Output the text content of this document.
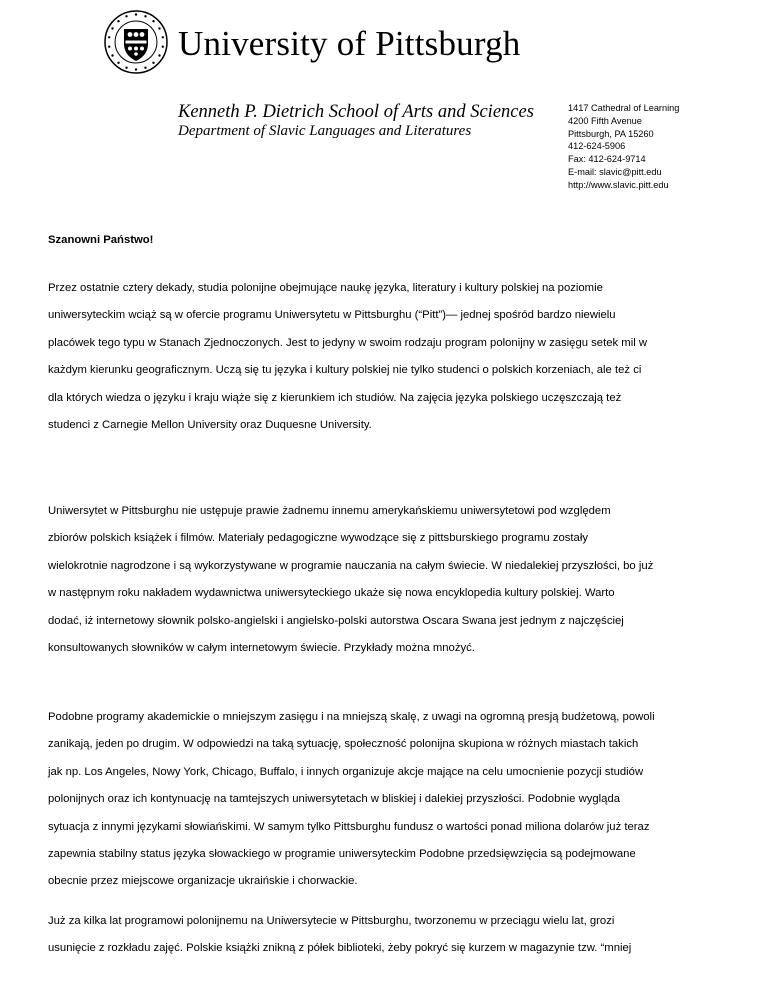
University of Pittsburgh
Kenneth P. Dietrich School of Arts and Sciences
Department of Slavic Languages and Literatures
1417 Cathedral of Learning
4200 Fifth Avenue
Pittsburgh, PA 15260
412-624-5906
Fax: 412-624-9714
E-mail: slavic@pitt.edu
http://www.slavic.pitt.edu
Szanowni Państwo!
Przez ostatnie cztery dekady, studia polonijne obejmujące naukę języka, literatury i kultury polskiej na poziomie
uniwersyteckim wciąż są w ofercie programu Uniwersytetu w Pittsburghu (“Pitt”)— jednej spośród bardzo niewielu
placówek tego typu w Stanach Zjednoczonych. Jest to jedyny w swoim rodzaju program polonijny w zasięgu setek mil w
każdym kierunku geograficznym. Uczą się tu języka i kultury polskiej nie tylko studenci o polskich korzeniach, ale też ci
dla których wiedza o języku i kraju wiąże się z kierunkiem ich studiów. Na zajęcia języka polskiego uczęszczają też
studenci z Carnegie Mellon University oraz Duquesne University.
Uniwersytet w Pittsburghu nie ustępuje prawie żadnemu innemu amerykańskiemu uniwersytetowi pod względem
zbiorów polskich książek i filmów. Materiały pedagogiczne wywodzące się z pittsburskiego programu zostały
wielokrotnie nagrodzone i są wykorzystywane w programie nauczania na całym świecie. W niedalekiej przyszłości, bo już
w następnym roku nakładem wydawnictwa uniwersyteckiego ukaże się nowa encyklopedia kultury polskiej. Warto
dodać, iż internetowy słownik polsko-angielski i angielsko-polski autorstwa Oscara Swana jest jednym z najczęściej
konsultowanych słowników w całym internetowym świecie. Przykłady można mnożyć.
Podobne programy akademickie o mniejszym zasięgu i na mniejszą skalę, z uwagi na ogromną presją budżetową, powoli
zanikają, jeden po drugim. W odpowiedzi na taką sytuację, społeczność polonijna skupiona w różnych miastach takich
jak np. Los Angeles, Nowy York, Chicago, Buffalo, i innych organizuje akcje mające na celu umocnienie pozycji studiów
polonijnych oraz ich kontynuację na tamtejszych uniwersytetach w bliskiej i dalekiej przyszłości. Podobnie wygląda
sytuacja z innymi językami słowiańskimi. W samym tylko Pittsburghu fundusz o wartości ponad miliona dolarów już teraz
zapewnia stabilny status języka słowackiego w programie uniwersyteckim Podobne przedsięwzięcia są podejmowane
obecnie przez miejscowe organizacje ukraińskie i chorwackie.
Już za kilka lat programowi polonijnemu na Uniwersytecie w Pittsburghu, tworzonemu w przeciągu wielu lat, grozi
usunięcie z rozkładu zajęć. Polskie książki znikną z półek biblioteki, żeby pokryć się kurzem w magazynie tzw. “mniej
